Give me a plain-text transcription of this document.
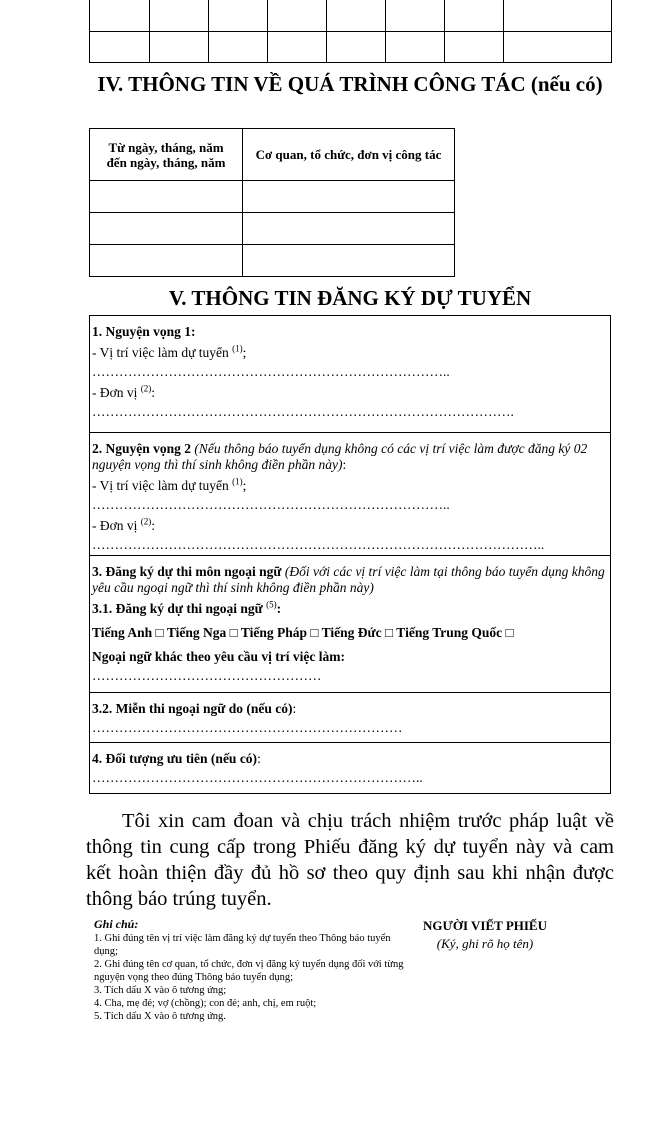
IV. THÔNG TIN VỀ QUÁ TRÌNH CÔNG TÁC (nếu có)
Từ ngày, tháng, năm
đến ngày, tháng, năm	Cơ quan, tổ chức, đơn vị công tác

V. THÔNG TIN ĐĂNG KÝ DỰ TUYỂN
1. Nguyện vọng 1:
- Vị trí việc làm dự tuyển $^{(1)}$;
……………………………………………………………………..
- Đơn vị $^{(2)}$:
………………………………………………………………………………….
2. Nguyện vọng 2 (Nếu thông báo tuyển dụng không có các vị trí việc làm được đăng ký 02 nguyện vọng thì thí sinh không điền phần này):
- Vị trí việc làm dự tuyển $^{(1)}$;
……………………………………………………………………..
- Đơn vị $^{(2)}$:
………………………………………………………………………………………..
3. Đăng ký dự thi môn ngoại ngữ (Đối với các vị trí việc làm tại thông báo tuyển dụng không yêu cầu ngoại ngữ thì thí sinh không điền phần này)
3.1. Đăng ký dự thi ngoại ngữ $^{(5)}$:
Tiếng Anh □ Tiếng Nga □ Tiếng Pháp □ Tiếng Đức □ Tiếng Trung Quốc □
Ngoại ngữ khác theo yêu cầu vị trí việc làm:
……………………………………………
3.2. Miễn thi ngoại ngữ do (nếu có):
……………………………………………………………
4. Đối tượng ưu tiên (nếu có):
………………………………………………………………..
Tôi xin cam đoan và chịu trách nhiệm trước pháp luật về thông tin cung cấp trong Phiếu đăng ký dự tuyển này và cam kết hoàn thiện đầy đủ hồ sơ theo quy định sau khi nhận được thông báo trúng tuyển.
Ghi chú:
1. Ghi đúng tên vị trí việc làm đăng ký dự tuyển theo Thông báo tuyển dụng;
2. Ghi đúng tên cơ quan, tổ chức, đơn vị đăng ký tuyển dụng đối với từng nguyện vọng theo đúng Thông báo tuyển dụng;
3. Tích dấu X vào ô tương ứng;
4. Cha, mẹ đẻ; vợ (chồng); con đẻ; anh, chị, em ruột;
5. Tích dấu X vào ô tương ứng.
NGƯỜI VIẾT PHIẾU
(Ký, ghi rõ họ tên)
